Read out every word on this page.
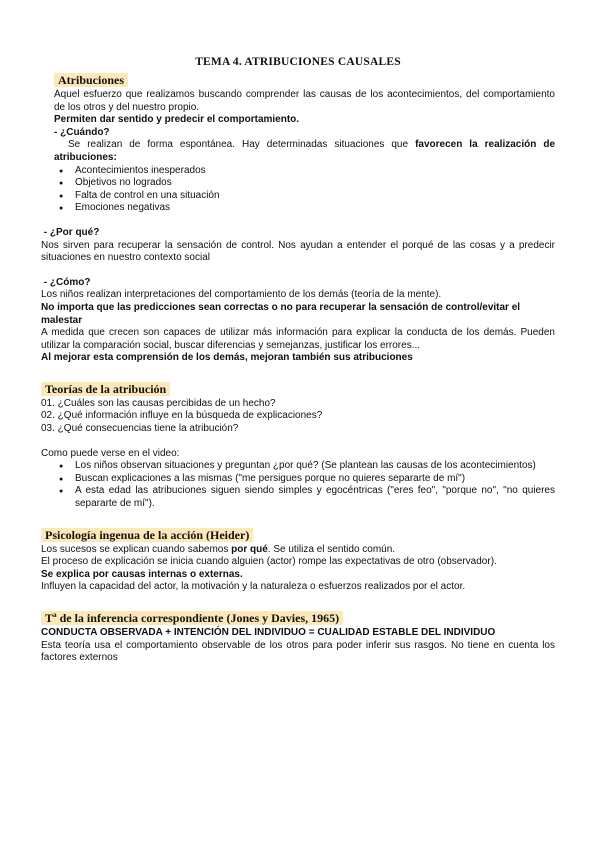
TEMA 4. ATRIBUCIONES CAUSALES
Atribuciones

Aquel esfuerzo que realizamos buscando comprender las causas de los acontecimientos, del comportamiento de los otros y del nuestro propio.

Permiten dar sentido y predecir el comportamiento.

- ¿Cuándo?

Se realizan de forma espontánea. Hay determinadas situaciones que favorecen la realización de atribuciones:

● Acontecimientos inesperados
● Objetivos no logrados
● Falta de control en una situación
● Emociones negativas

- ¿Por qué?

Nos sirven para recuperar la sensación de control. Nos ayudan a entender el porqué de las cosas y a predecir situaciones en nuestro contexto social

- ¿Cómo?

Los niños realizan interpretaciones del comportamiento de los demás (teoría de la mente).

No importa que las predicciones sean correctas o no para recuperar la sensación de control/evitar el malestar

A medida que crecen son capaces de utilizar más información para explicar la conducta de los demás. Pueden utilizar la comparación social, buscar diferencias y semejanzas, justificar los errores...

Al mejorar esta comprensión de los demás, mejoran también sus atribuciones

Teorías de la atribución
01. ¿Cuáles son las causas percibidas de un hecho?
02. ¿Qué información influye en la búsqueda de explicaciones?
03. ¿Qué consecuencias tiene la atribución?

Como puede verse en el video:

● Los niños observan situaciones y preguntan ¿por qué? (Se plantean las causas de los acontecimientos)
● Buscan explicaciones a las mismas ("me persigues porque no quieres separarte de mí")
● A esta edad las atribuciones siguen siendo simples y egocéntricas ("eres feo", "porque no", "no quieres separarte de mí").
Psicología ingenua de la acción (Heider)

Los sucesos se explican cuando sabemos por qué. Se utiliza el sentido común.

El proceso de explicación se inicia cuando alguien (actor) rompe las expectativas de otro (observador).

Se explica por causas internas o externas.

Influyen la capacidad del actor, la motivación y la naturaleza o esfuerzos realizados por el actor.

Tª de la inferencia correspondiente (Jones y Davies, 1965)

CONDUCTA OBSERVADA + INTENCIÓN DEL INDIVIDUO = CUALIDAD ESTABLE DEL INDIVIDUO

Esta teoría usa el comportamiento observable de los otros para poder inferir sus rasgos. No tiene en cuenta los factores externos
